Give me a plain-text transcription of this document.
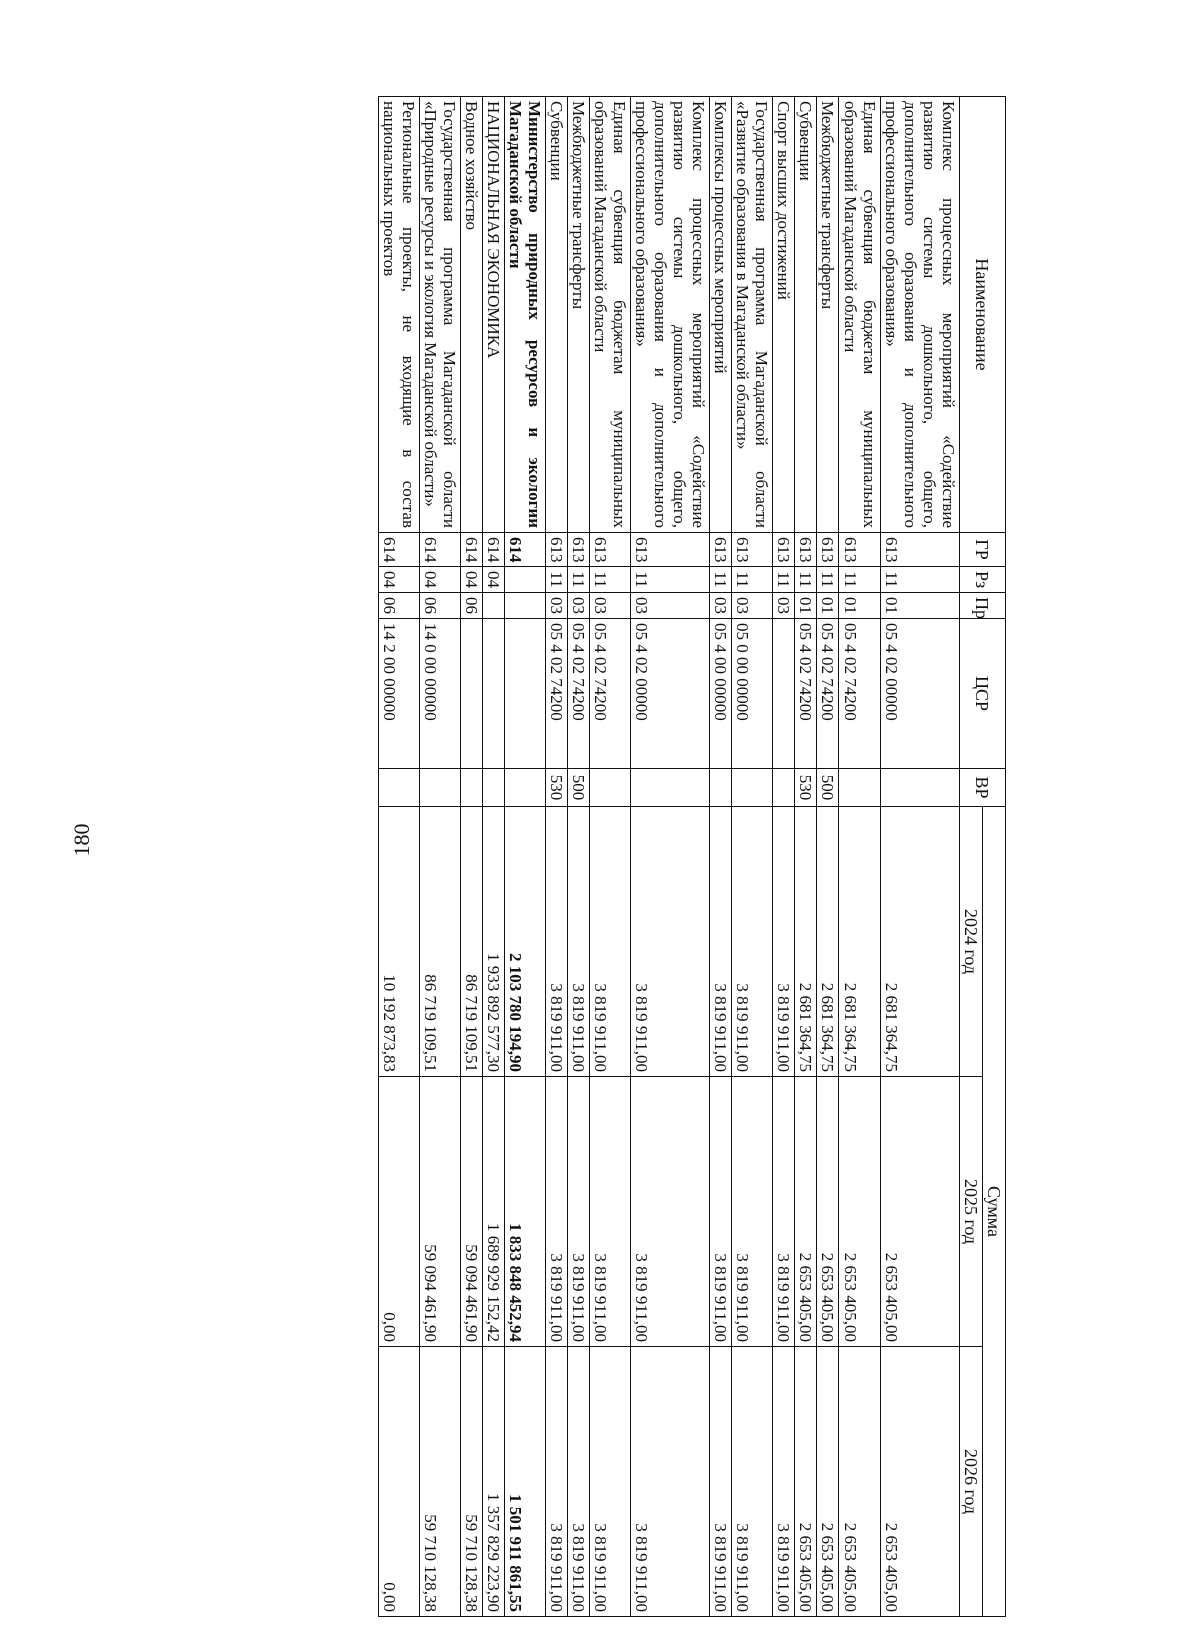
180
Наименование	ГР	Рз	Пр	ЦСР	ВР	Сумма		
						2024 год	2025 год	2026 год
Комплекс процессных мероприятий «Содействие развитию системы дошкольного, общего, дополнительного образования и дополнительного профессионального образования»	613	11	01	05 4 02 00000		2 681 364,75	2 653 405,00	2 653 405,00
Единая субвенция бюджетам муниципальных образований Магаданской области	613	11	01	05 4 02 74200		2 681 364,75	2 653 405,00	2 653 405,00
Межбюджетные трансферты	613	11	01	05 4 02 74200	500	2 681 364,75	2 653 405,00	2 653 405,00
Субвенции	613	11	01	05 4 02 74200	530	2 681 364,75	2 653 405,00	2 653 405,00
Спорт высших достижений	613	11	03			3 819 911,00	3 819 911,00	3 819 911,00
Государственная программа Магаданской области «Развитие образования в Магаданской области»	613	11	03	05 0 00 00000		3 819 911,00	3 819 911,00	3 819 911,00
Комплексы процессных мероприятий	613	11	03	05 4 00 00000		3 819 911,00	3 819 911,00	3 819 911,00
Комплекс процессных мероприятий «Содействие развитию системы дошкольного, общего, дополнительного образования и дополнительного профессионального образования»	613	11	03	05 4 02 00000		3 819 911,00	3 819 911,00	3 819 911,00
Единая субвенция бюджетам муниципальных образований Магаданской области	613	11	03	05 4 02 74200		3 819 911,00	3 819 911,00	3 819 911,00
Межбюджетные трансферты	613	11	03	05 4 02 74200	500	3 819 911,00	3 819 911,00	3 819 911,00
Субвенции	613	11	03	05 4 02 74200	530	3 819 911,00	3 819 911,00	3 819 911,00
Министерство природных ресурсов и экологии Магаданской области	614					2 103 780 194,90	1 833 848 452,94	1 501 911 861,55
НАЦИОНАЛЬНАЯ ЭКОНОМИКА	614	04				1 933 892 577,30	1 689 929 152,42	1 357 829 223,90
Водное хозяйство	614	04	06			86 719 109,51	59 094 461,90	59 710 128,38
Государственная программа Магаданской области «Природные ресурсы и экология Магаданской области»	614	04	06	14 0 00 00000		86 719 109,51	59 094 461,90	59 710 128,38
Региональные проекты, не входящие в состав национальных проектов	614	04	06	14 2 00 00000		10 192 873,83	0,00	0,00
